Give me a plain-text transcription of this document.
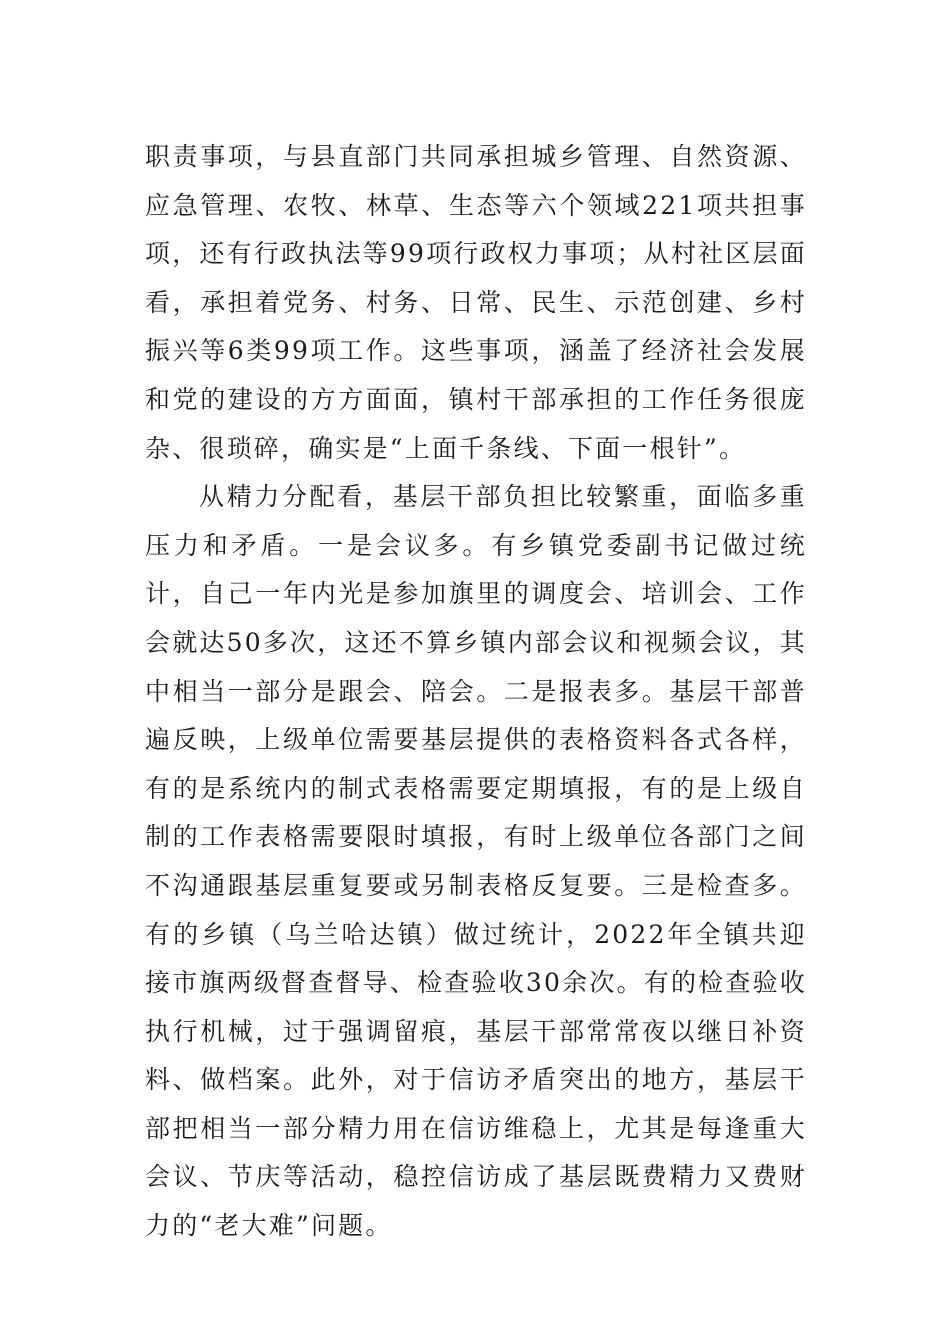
职责事项，与县直部门共同承担城乡管理、自然资源、应急管理、农牧、林草、生态等六个领域221项共担事项，还有行政执法等99项行政权力事项；从村社区层面看，承担着党务、村务、日常、民生、示范创建、乡村振兴等6类99项工作。这些事项，涵盖了经济社会发展和党的建设的方方面面，镇村干部承担的工作任务很庞杂、很琐碎，确实是“上面千条线、下面一根针”。

从精力分配看，基层干部负担比较繁重，面临多重压力和矛盾。一是会议多。有乡镇党委副书记做过统计，自己一年内光是参加旗里的调度会、培训会、工作会就达50多次，这还不算乡镇内部会议和视频会议，其中相当一部分是跟会、陪会。二是报表多。基层干部普遍反映，上级单位需要基层提供的表格资料各式各样，有的是系统内的制式表格需要定期填报，有的是上级自制的工作表格需要限时填报，有时上级单位各部门之间不沟通跟基层重复要或另制表格反复要。三是检查多。有的乡镇（乌兰哈达镇）做过统计，2022年全镇共迎接市旗两级督查督导、检查验收30余次。有的检查验收执行机械，过于强调留痕，基层干部常常夜以继日补资料、做档案。此外，对于信访矛盾突出的地方，基层干部把相当一部分精力用在信访维稳上，尤其是每逢重大会议、节庆等活动，稳控信访成了基层既费精力又费财力的“老大难”问题。
